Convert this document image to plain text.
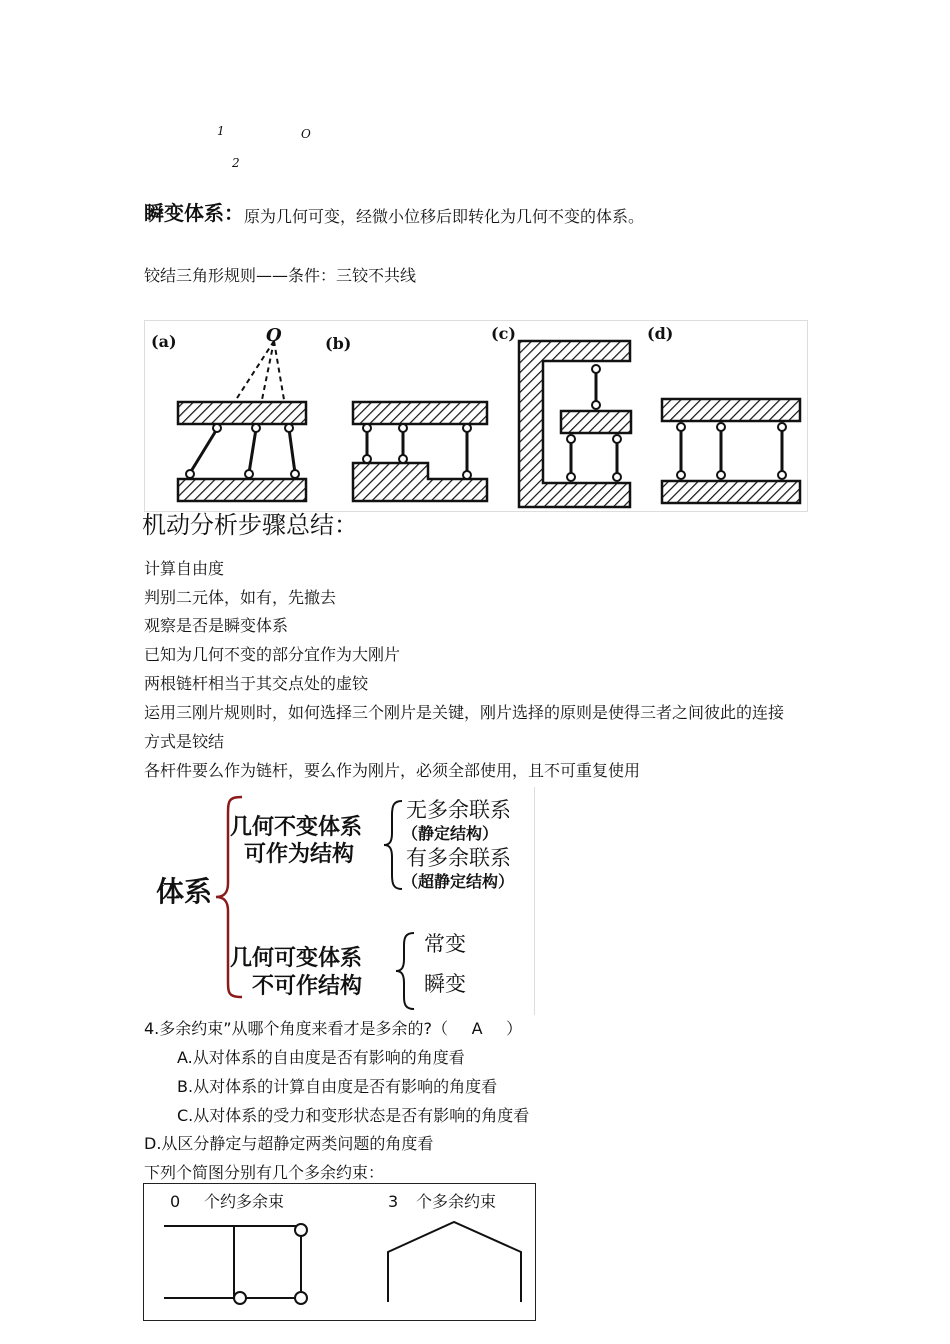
1	O
2
瞬变体系：原为几何可变，经微小位移后即转化为几何不变的体系。
铰结三角形规则——条件：三铰不共线
(a)	O	(b)
(c)	(d)
机动分析步骤总结：
计算自由度
判别二元体，如有，先撤去
观察是否是瞬变体系
已知为几何不变的部分宜作为大刚片
两根链杆相当于其交点处的虚铰
运用三刚片规则时，如何选择三个刚片是关键，刚片选择的原则是使得三者之间彼此的连接
方式是铰结
各杆件要么作为链杆，要么作为刚片，必须全部使用，且不可重复使用
体系
几何不变体系
可作为结构
无多余联系
（静定结构）
有多余联系
（超静定结构）
几何可变体系
不可作结构
常变
瞬变
4.多余约束”从哪个角度来看才是多余的?（ A ）
A.从对体系的自由度是否有影响的角度看
B.从对体系的计算自由度是否有影响的角度看
C.从对体系的受力和变形状态是否有影响的角度看
D.从区分静定与超静定两类问题的角度看
下列个简图分别有几个多余约束：
0 个约多余束	3 个多余约束
